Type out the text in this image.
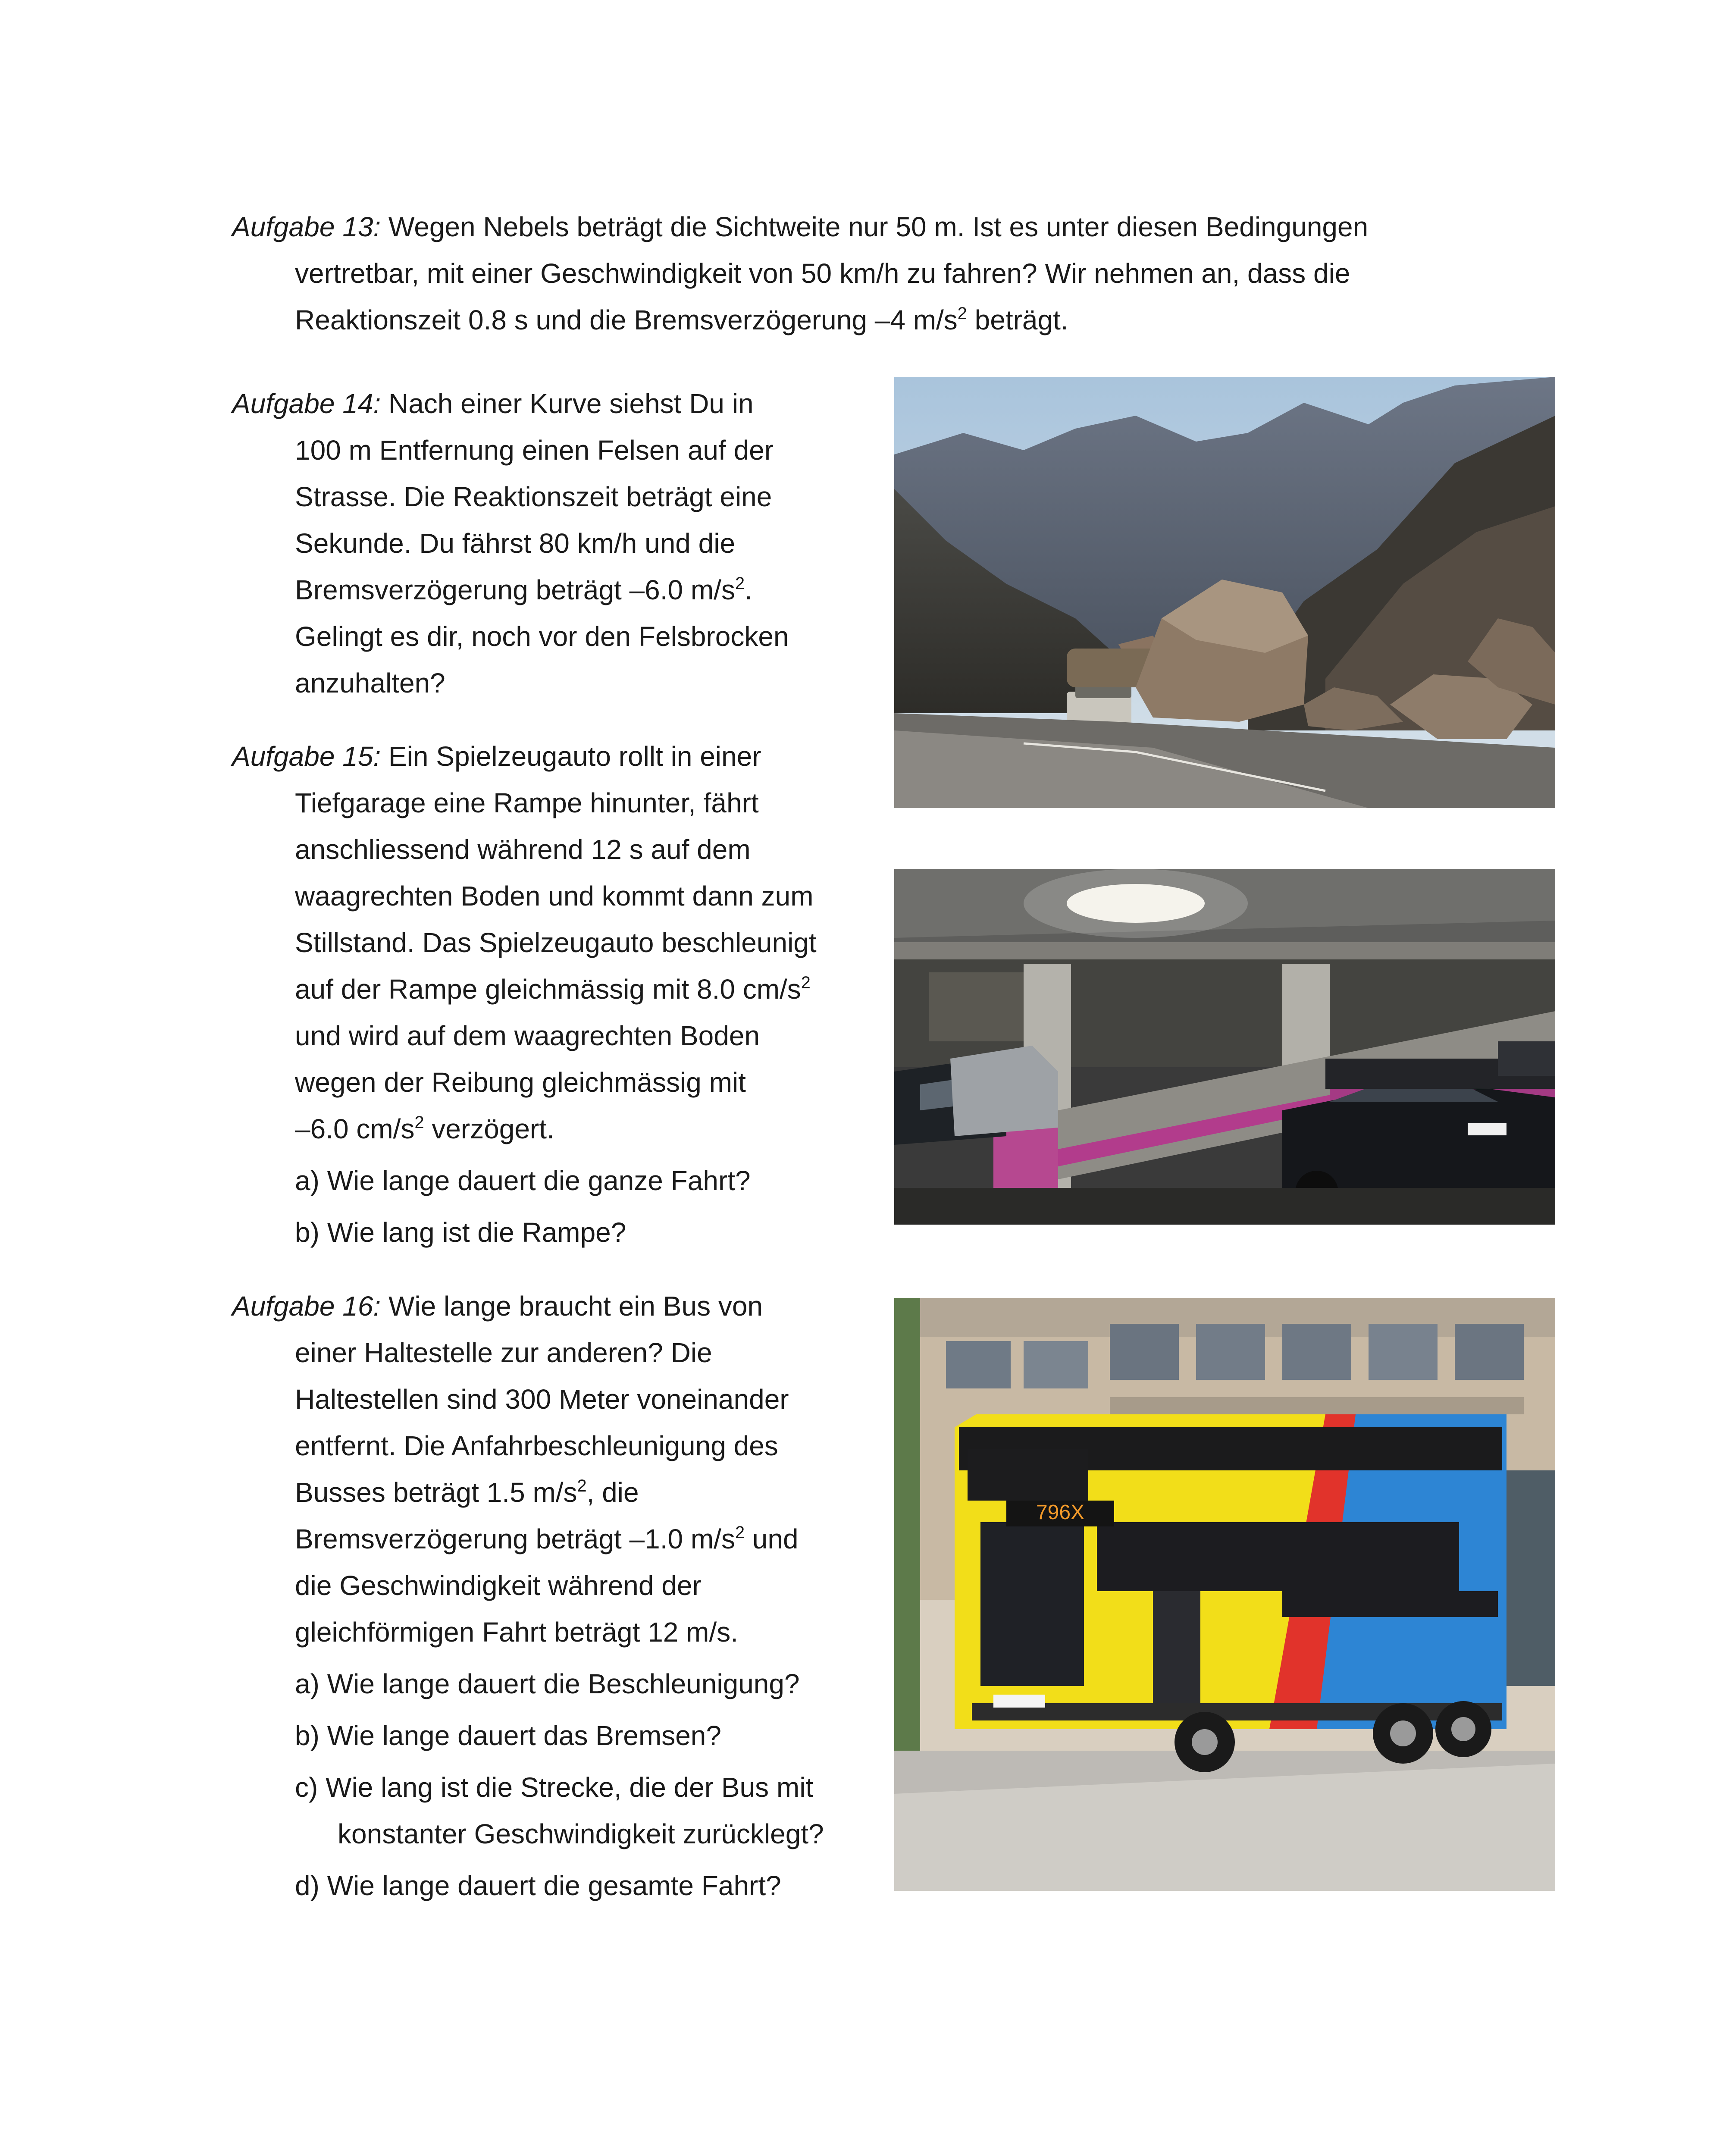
Aufgabe 13: Wegen Nebels beträgt die Sichtweite nur 50 m. Ist es unter diesen Bedingungen
vertretbar, mit einer Geschwindigkeit von 50 km/h zu fahren? Wir nehmen an, dass die
Reaktionszeit 0.8 s und die Bremsverzögerung –4 $m/s^2$ beträgt.
Aufgabe 14: Nach einer Kurve siehst Du in
100 m Entfernung einen Felsen auf der
Strasse. Die Reaktionszeit beträgt eine
Sekunde. Du fährst 80 km/h und die
Bremsverzögerung beträgt –6.0 $m/s^2$.
Gelingt es dir, noch vor den Felsbrocken
anzuhalten?
Aufgabe 15: Ein Spielzeugauto rollt in einer
Tiefgarage eine Rampe hinunter, fährt
anschliessend während 12 s auf dem
waagrechten Boden und kommt dann zum
Stillstand. Das Spielzeugauto beschleunigt
auf der Rampe gleichmässig mit 8.0 $cm/s^2$
und wird auf dem waagrechten Boden
wegen der Reibung gleichmässig mit
–6.0 $cm/s^2$ verzögert.
a) Wie lange dauert die ganze Fahrt?
b) Wie lang ist die Rampe?
Aufgabe 16: Wie lange braucht ein Bus von
einer Haltestelle zur anderen? Die
Haltestellen sind 300 Meter voneinander
entfernt. Die Anfahrbeschleunigung des
Busses beträgt 1.5 $m/s^2$, die
Bremsverzögerung beträgt –1.0 $m/s^2$ und
die Geschwindigkeit während der
gleichförmigen Fahrt beträgt 12 m/s.
a) Wie lange dauert die Beschleunigung?
b) Wie lange dauert das Bremsen?
c) Wie lang ist die Strecke, die der Bus mit
konstanter Geschwindigkeit zurücklegt?
d) Wie lange dauert die gesamte Fahrt?
796X
